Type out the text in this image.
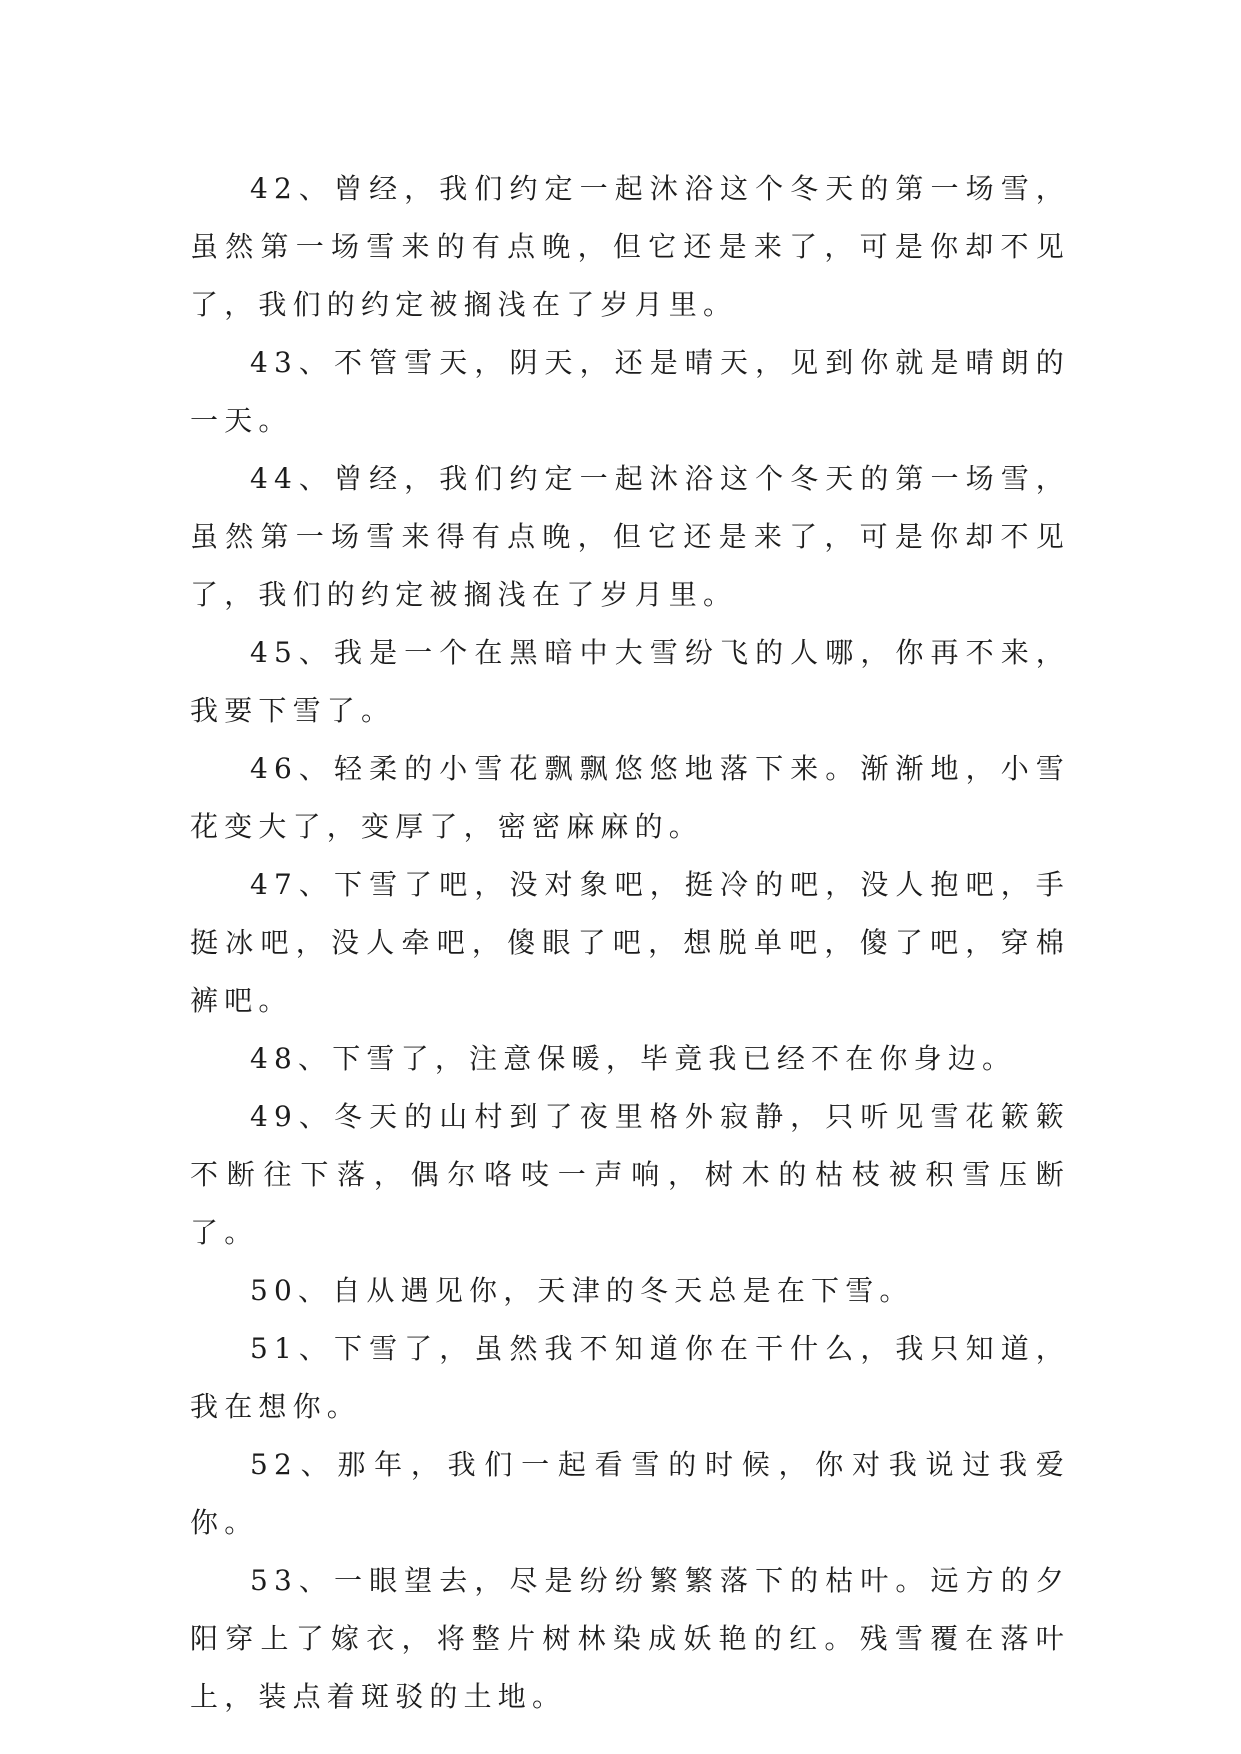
42、曾经，我们约定一起沐浴这个冬天的第一场雪，虽然第一场雪来的有点晚，但它还是来了，可是你却不见了，我们的约定被搁浅在了岁月里。

43、不管雪天，阴天，还是晴天，见到你就是晴朗的一天。

44、曾经，我们约定一起沐浴这个冬天的第一场雪，虽然第一场雪来得有点晚，但它还是来了，可是你却不见了，我们的约定被搁浅在了岁月里。

45、我是一个在黑暗中大雪纷飞的人哪，你再不来，我要下雪了。

46、轻柔的小雪花飘飘悠悠地落下来。渐渐地，小雪花变大了，变厚了，密密麻麻的。

47、下雪了吧，没对象吧，挺冷的吧，没人抱吧，手挺冰吧，没人牵吧，傻眼了吧，想脱单吧，傻了吧，穿棉裤吧。

48、下雪了，注意保暖，毕竟我已经不在你身边。

49、冬天的山村到了夜里格外寂静，只听见雪花簌簌不断往下落，偶尔咯吱一声响，树木的枯枝被积雪压断了。

50、自从遇见你，天津的冬天总是在下雪。

51、下雪了，虽然我不知道你在干什么，我只知道，我在想你。

52、那年，我们一起看雪的时候，你对我说过我爱你。

53、一眼望去，尽是纷纷繁繁落下的枯叶。远方的夕阳穿上了嫁衣，将整片树林染成妖艳的红。残雪覆在落叶上，装点着斑驳的土地。
